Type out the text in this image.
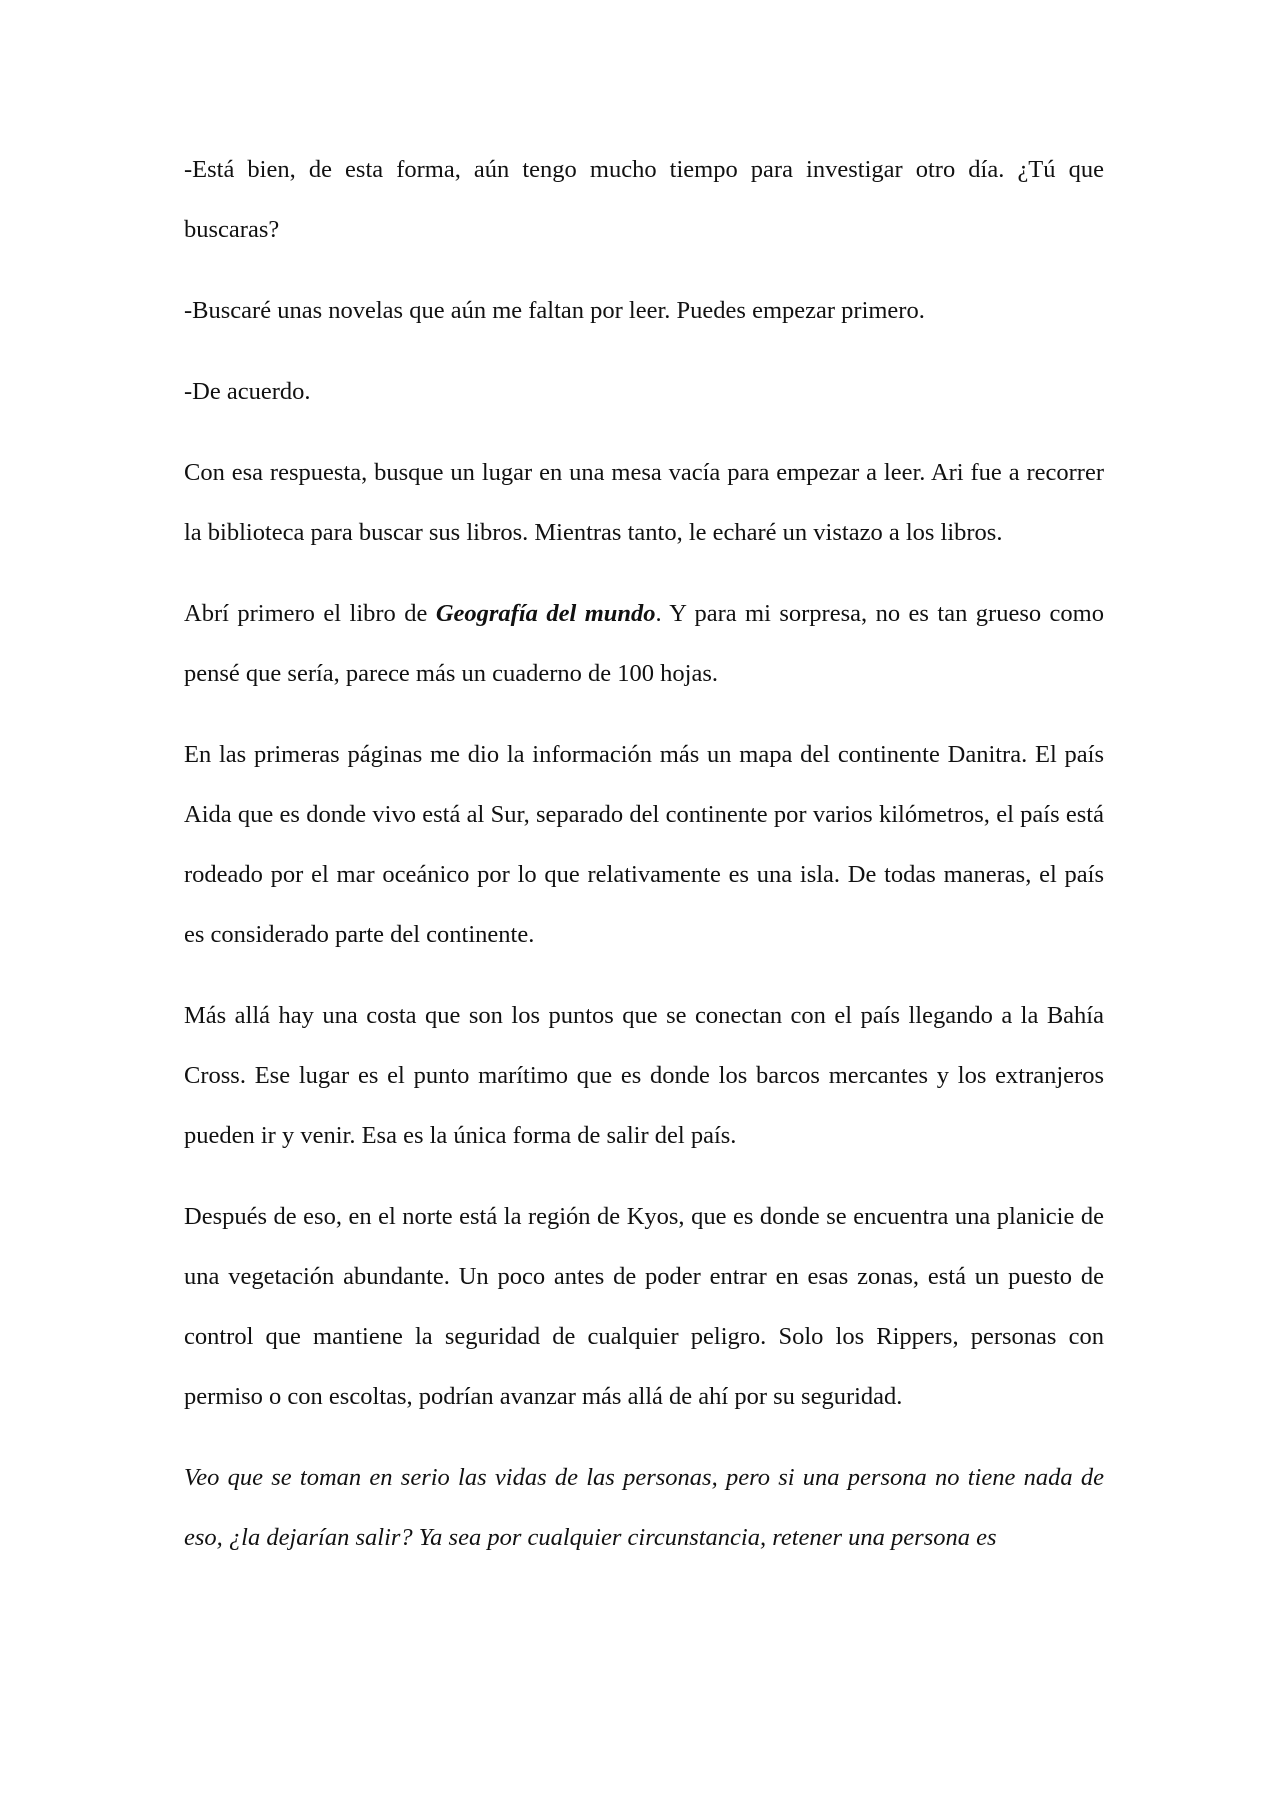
-Está bien, de esta forma, aún tengo mucho tiempo para investigar otro día. ¿Tú que buscaras?

-Buscaré unas novelas que aún me faltan por leer. Puedes empezar primero.

-De acuerdo.

Con esa respuesta, busque un lugar en una mesa vacía para empezar a leer. Ari fue a recorrer la biblioteca para buscar sus libros. Mientras tanto, le echaré un vistazo a los libros.

Abrí primero el libro de Geografía del mundo. Y para mi sorpresa, no es tan grueso como pensé que sería, parece más un cuaderno de 100 hojas.

En las primeras páginas me dio la información más un mapa del continente Danitra. El país Aida que es donde vivo está al Sur, separado del continente por varios kilómetros, el país está rodeado por el mar oceánico por lo que relativamente es una isla. De todas maneras, el país es considerado parte del continente.

Más allá hay una costa que son los puntos que se conectan con el país llegando a la Bahía Cross. Ese lugar es el punto marítimo que es donde los barcos mercantes y los extranjeros pueden ir y venir. Esa es la única forma de salir del país.

Después de eso, en el norte está la región de Kyos, que es donde se encuentra una planicie de una vegetación abundante. Un poco antes de poder entrar en esas zonas, está un puesto de control que mantiene la seguridad de cualquier peligro. Solo los Rippers, personas con permiso o con escoltas, podrían avanzar más allá de ahí por su seguridad.

Veo que se toman en serio las vidas de las personas, pero si una persona no tiene nada de eso, ¿la dejarían salir? Ya sea por cualquier circunstancia, retener una persona es
